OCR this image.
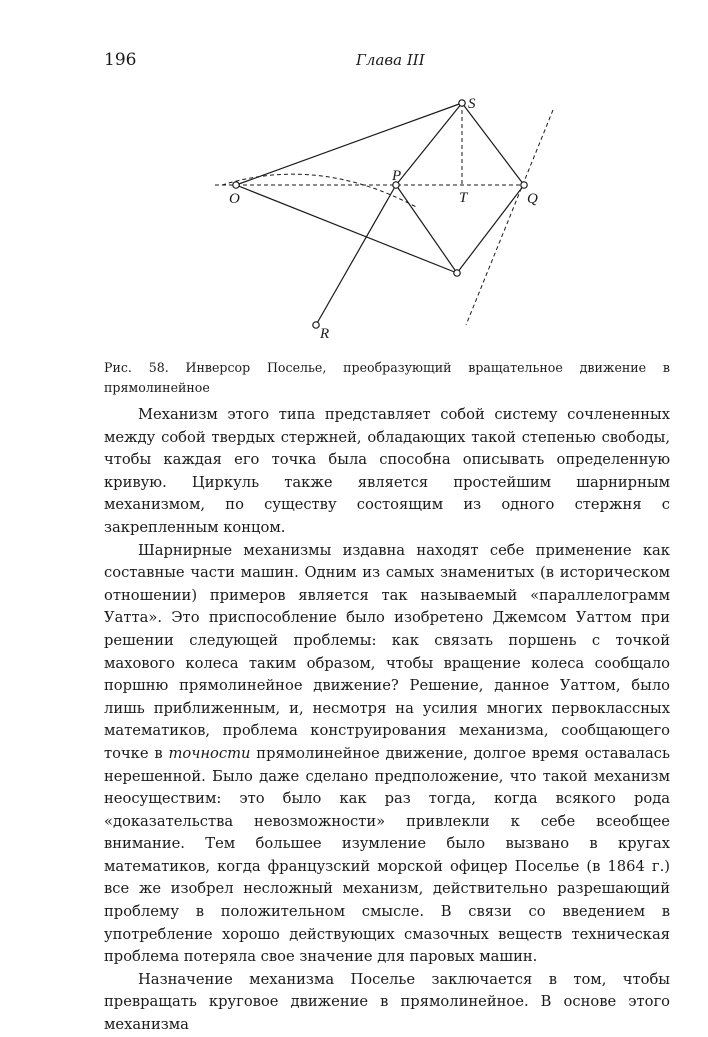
196	Глава III
S
P
O	T	Q
R
Рис. 58. Инверсор Поселье, преобразующий вращательное движение в прямолинейное

Механизм этого типа представляет собой систему сочлененных между собой твердых стержней, обладающих такой степенью свободы, чтобы каждая его точка была способна описывать определенную кривую. Циркуль также является простейшим шарнирным механизмом, по существу состоящим из одного стержня с закрепленным концом.

Шарнирные механизмы издавна находят себе применение как составные части машин. Одним из самых знаменитых (в историческом отношении) примеров является так называемый «параллелограмм Уатта». Это приспособление было изобретено Джемсом Уаттом при решении следующей проблемы: как связать поршень с точкой махового колеса таким образом, чтобы вращение колеса сообщало поршню прямолинейное движение? Решение, данное Уаттом, было лишь приближенным, и, несмотря на усилия многих первоклассных математиков, проблема конструирования механизма, сообщающего точке в точности прямолинейное движение, долгое время оставалась нерешенной. Было даже сделано предположение, что такой механизм неосуществим: это было как раз тогда, когда всякого рода «доказательства невозможности» привлекли к себе всеобщее внимание. Тем большее изумление было вызвано в кругах математиков, когда французский морской офицер Поселье (в 1864 г.) все же изобрел несложный механизм, действительно разрешающий проблему в положительном смысле. В связи со введением в употребление хорошо действующих смазочных веществ техническая проблема потеряла свое значение для паровых машин.

Назначение механизма Поселье заключается в том, чтобы превращать круговое движение в прямолинейное. В основе этого механизма
